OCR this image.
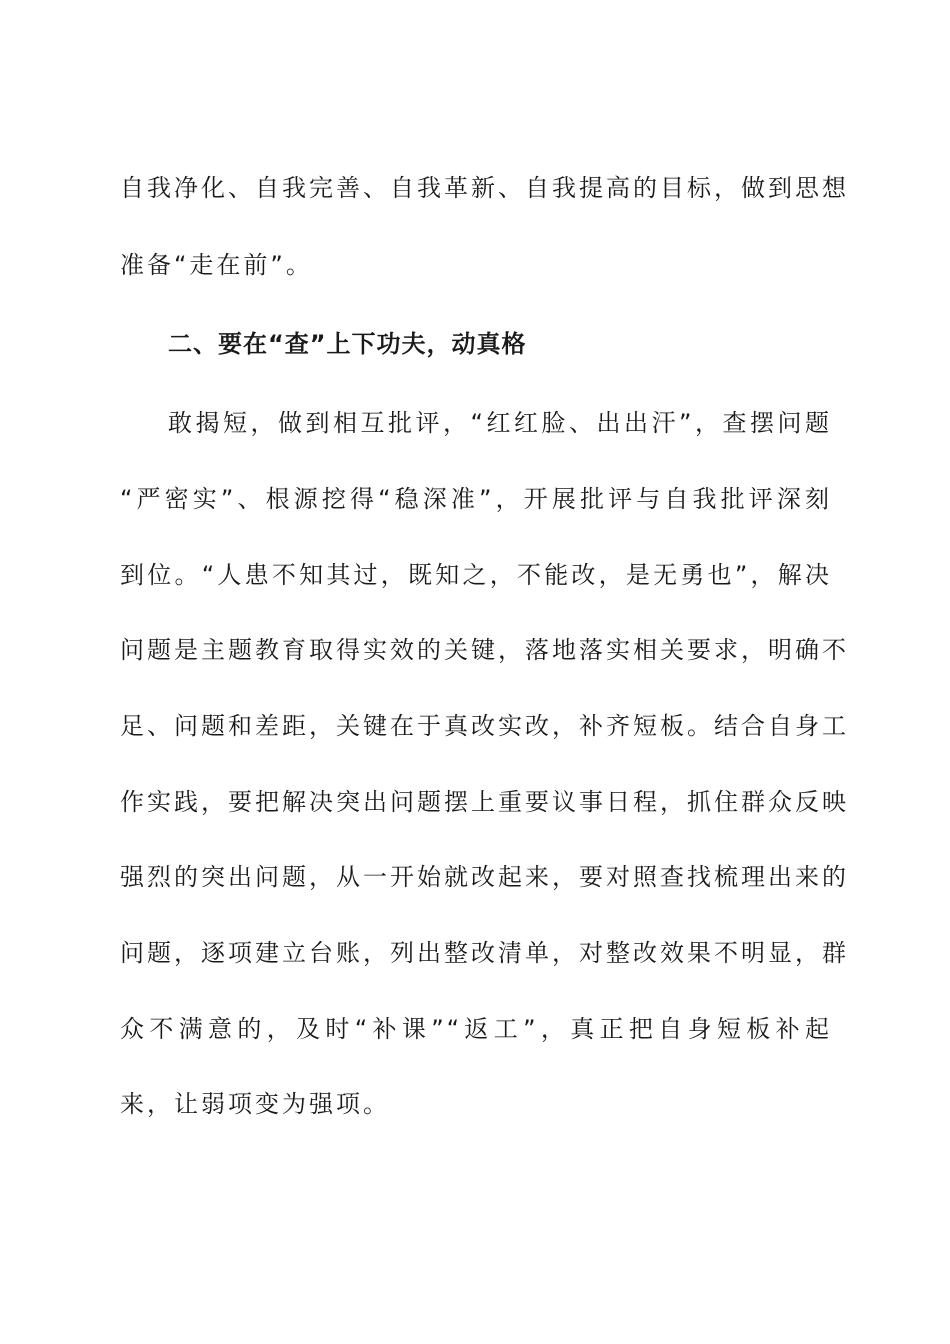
自我净化、自我完善、自我革新、自我提高的目标，做到思想
准备“走在前”。
二、要在“查”上下功夫，动真格
敢揭短，做到相互批评，“红红脸、出出汗”，查摆问题
“严密实”、根源挖得“稳深准”，开展批评与自我批评深刻
到位。“人患不知其过，既知之，不能改，是无勇也”，解决
问题是主题教育取得实效的关键，落地落实相关要求，明确不
足、问题和差距，关键在于真改实改，补齐短板。结合自身工
作实践，要把解决突出问题摆上重要议事日程，抓住群众反映
强烈的突出问题，从一开始就改起来，要对照查找梳理出来的
问题，逐项建立台账，列出整改清单，对整改效果不明显，群
众不满意的，及时“补课”“返工”，真正把自身短板补起
来，让弱项变为强项。
